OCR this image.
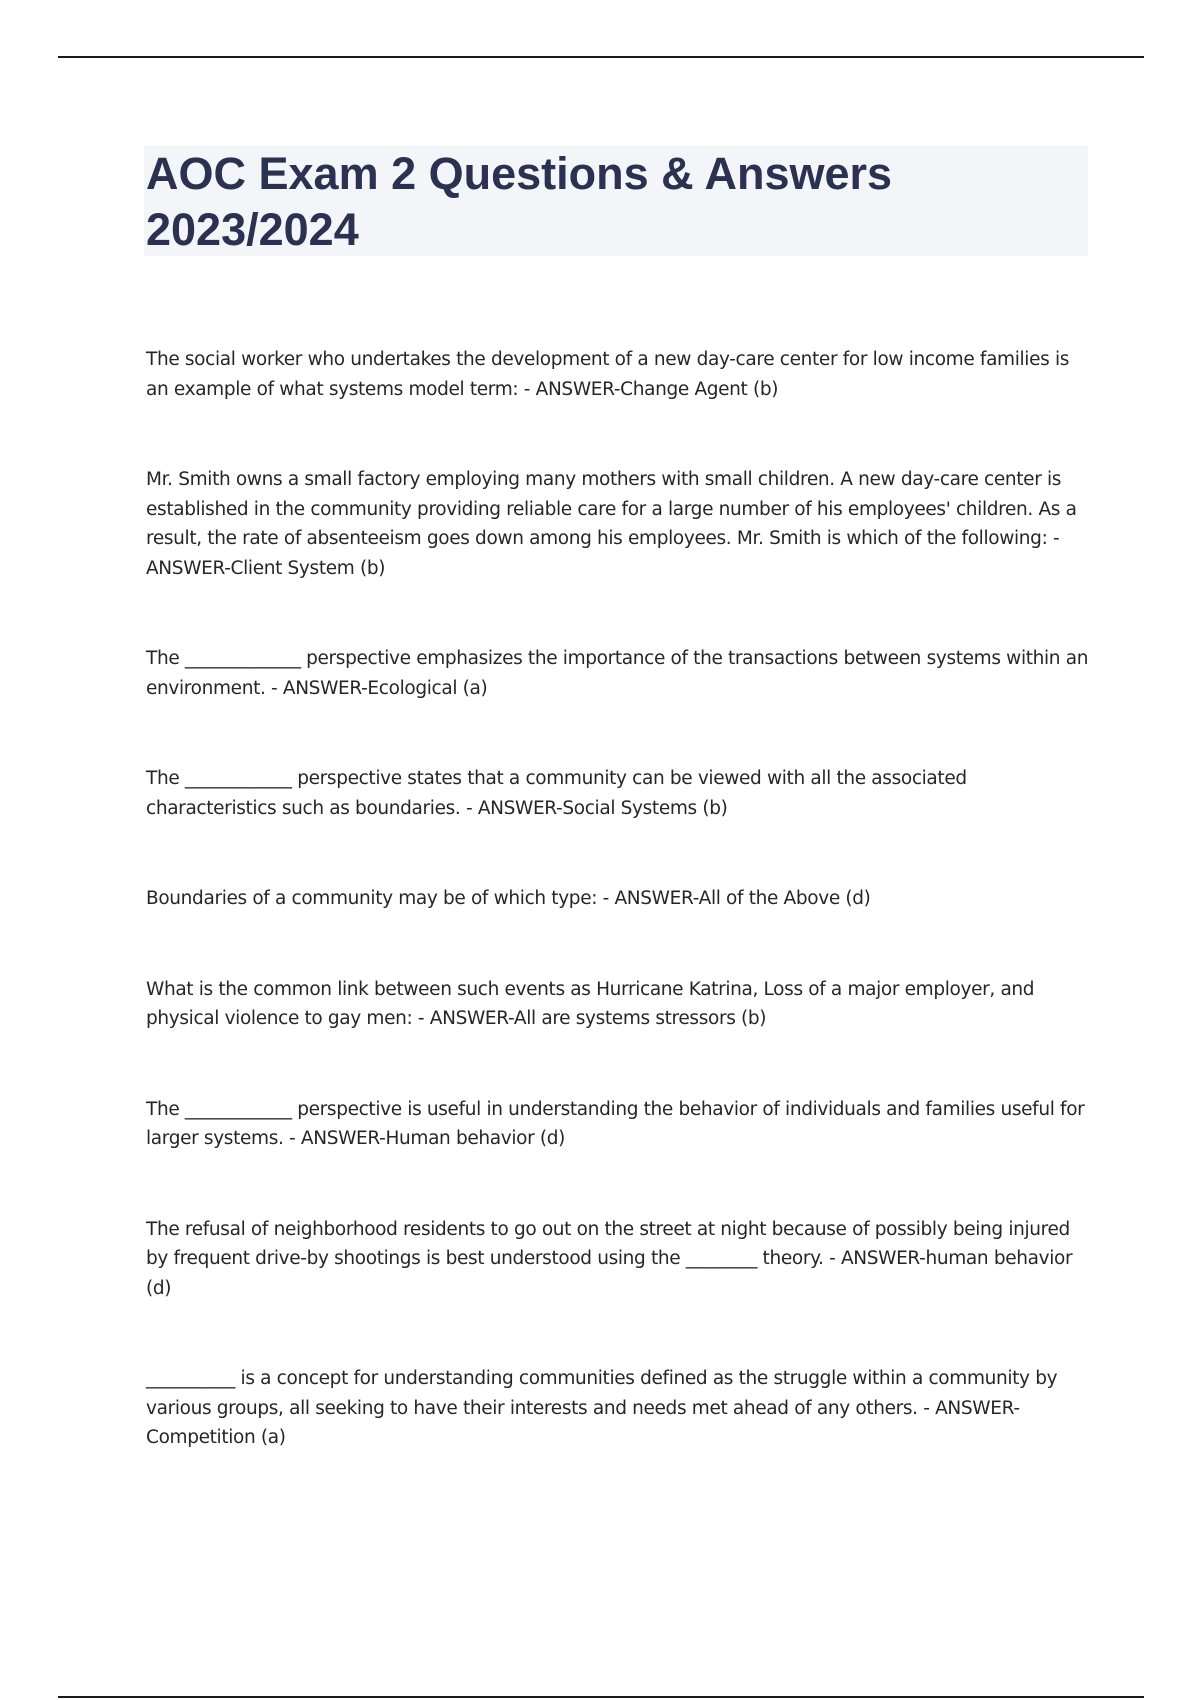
AOC Exam 2 Questions & Answers 2023/2024
The social worker who undertakes the development of a new day-care center for low income families is an example of what systems model term: - ANSWER-Change Agent (b)
Mr. Smith owns a small factory employing many mothers with small children. A new day-care center is established in the community providing reliable care for a large number of his employees' children. As a result, the rate of absenteeism goes down among his employees. Mr. Smith is which of the following: - ANSWER-Client System (b)
The _____________ perspective emphasizes the importance of the transactions between systems within an environment. - ANSWER-Ecological (a)
The ____________ perspective states that a community can be viewed with all the associated characteristics such as boundaries. - ANSWER-Social Systems (b)
Boundaries of a community may be of which type: - ANSWER-All of the Above (d)
What is the common link between such events as Hurricane Katrina, Loss of a major employer, and physical violence to gay men: - ANSWER-All are systems stressors (b)
The ____________ perspective is useful in understanding the behavior of individuals and families useful for larger systems. - ANSWER-Human behavior (d)
The refusal of neighborhood residents to go out on the street at night because of possibly being injured by frequent drive-by shootings is best understood using the ________ theory. - ANSWER-human behavior (d)
__________ is a concept for understanding communities defined as the struggle within a community by various groups, all seeking to have their interests and needs met ahead of any others. - ANSWER-Competition (a)
